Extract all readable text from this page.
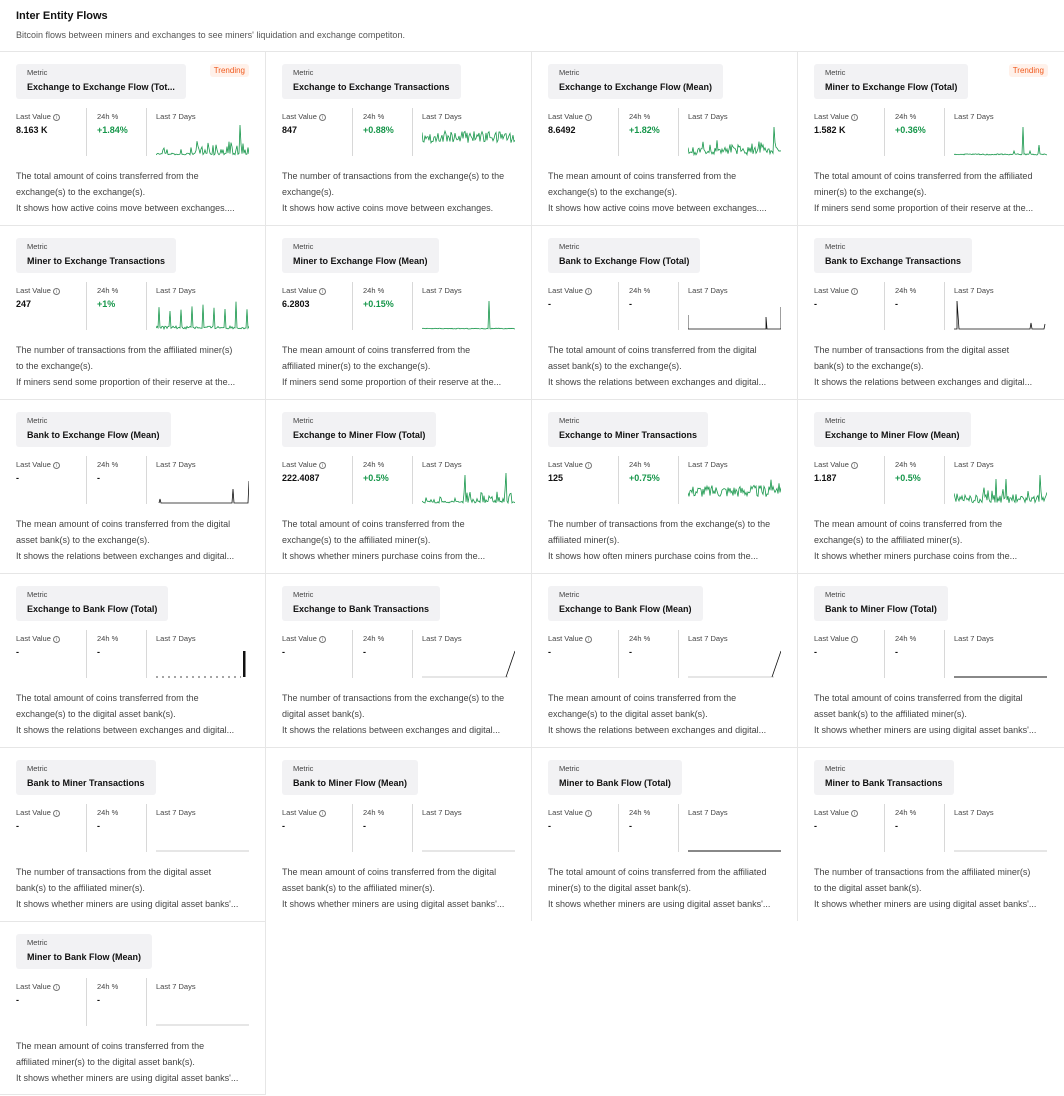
Inter Entity Flows
Bitcoin flows between miners and exchanges to see miners' liquidation and exchange competiton.
Metric
Exchange to Exchange Flow (Tot...
Trending
Last Value i
8.163 K
24h %
+1.84%
Last 7 Days
The total amount of coins transferred from the
exchange(s) to the exchange(s).
It shows how active coins move between exchanges....
Metric
Exchange to Exchange Transactions
Last Value i
847
24h %
+0.88%
Last 7 Days
The number of transactions from the exchange(s) to the
exchange(s).
It shows how active coins move between exchanges.
Metric
Exchange to Exchange Flow (Mean)
Last Value i
8.6492
24h %
+1.82%
Last 7 Days
The mean amount of coins transferred from the
exchange(s) to the exchange(s).
It shows how active coins move between exchanges....
Metric
Miner to Exchange Flow (Total)
Trending
Last Value i
1.582 K
24h %
+0.36%
Last 7 Days
The total amount of coins transferred from the affiliated
miner(s) to the exchange(s).
If miners send some proportion of their reserve at the...
Metric
Miner to Exchange Transactions
Last Value i
247
24h %
+1%
Last 7 Days
The number of transactions from the affiliated miner(s)
to the exchange(s).
If miners send some proportion of their reserve at the...
Metric
Miner to Exchange Flow (Mean)
Last Value i
6.2803
24h %
+0.15%
Last 7 Days
The mean amount of coins transferred from the
affiliated miner(s) to the exchange(s).
If miners send some proportion of their reserve at the...
Metric
Bank to Exchange Flow (Total)
Last Value i
-
24h %
-
Last 7 Days
The total amount of coins transferred from the digital
asset bank(s) to the exchange(s).
It shows the relations between exchanges and digital...
Metric
Bank to Exchange Transactions
Last Value i
-
24h %
-
Last 7 Days
The number of transactions from the digital asset
bank(s) to the exchange(s).
It shows the relations between exchanges and digital...
Metric
Bank to Exchange Flow (Mean)
Last Value i
-
24h %
-
Last 7 Days
The mean amount of coins transferred from the digital
asset bank(s) to the exchange(s).
It shows the relations between exchanges and digital...
Metric
Exchange to Miner Flow (Total)
Last Value i
222.4087
24h %
+0.5%
Last 7 Days
The total amount of coins transferred from the
exchange(s) to the affiliated miner(s).
It shows whether miners purchase coins from the...
Metric
Exchange to Miner Transactions
Last Value i
125
24h %
+0.75%
Last 7 Days
The number of transactions from the exchange(s) to the
affiliated miner(s).
It shows how often miners purchase coins from the...
Metric
Exchange to Miner Flow (Mean)
Last Value i
1.187
24h %
+0.5%
Last 7 Days
The mean amount of coins transferred from the
exchange(s) to the affiliated miner(s).
It shows whether miners purchase coins from the...
Metric
Exchange to Bank Flow (Total)
Last Value i
-
24h %
-
Last 7 Days
The total amount of coins transferred from the
exchange(s) to the digital asset bank(s).
It shows the relations between exchanges and digital...
Metric
Exchange to Bank Transactions
Last Value i
-
24h %
-
Last 7 Days
The number of transactions from the exchange(s) to the
digital asset bank(s).
It shows the relations between exchanges and digital...
Metric
Exchange to Bank Flow (Mean)
Last Value i
-
24h %
-
Last 7 Days
The mean amount of coins transferred from the
exchange(s) to the digital asset bank(s).
It shows the relations between exchanges and digital...
Metric
Bank to Miner Flow (Total)
Last Value i
-
24h %
-
Last 7 Days
The total amount of coins transferred from the digital
asset bank(s) to the affiliated miner(s).
It shows whether miners are using digital asset banks'...
Metric
Bank to Miner Transactions
Last Value i
-
24h %
-
Last 7 Days
The number of transactions from the digital asset
bank(s) to the affiliated miner(s).
It shows whether miners are using digital asset banks'...
Metric
Bank to Miner Flow (Mean)
Last Value i
-
24h %
-
Last 7 Days
The mean amount of coins transferred from the digital
asset bank(s) to the affiliated miner(s).
It shows whether miners are using digital asset banks'...
Metric
Miner to Bank Flow (Total)
Last Value i
-
24h %
-
Last 7 Days
The total amount of coins transferred from the affiliated
miner(s) to the digital asset bank(s).
It shows whether miners are using digital asset banks'...
Metric
Miner to Bank Transactions
Last Value i
-
24h %
-
Last 7 Days
The number of transactions from the affiliated miner(s)
to the digital asset bank(s).
It shows whether miners are using digital asset banks'...
Metric
Miner to Bank Flow (Mean)
Last Value i
-
24h %
-
Last 7 Days
The mean amount of coins transferred from the
affiliated miner(s) to the digital asset bank(s).
It shows whether miners are using digital asset banks'...
